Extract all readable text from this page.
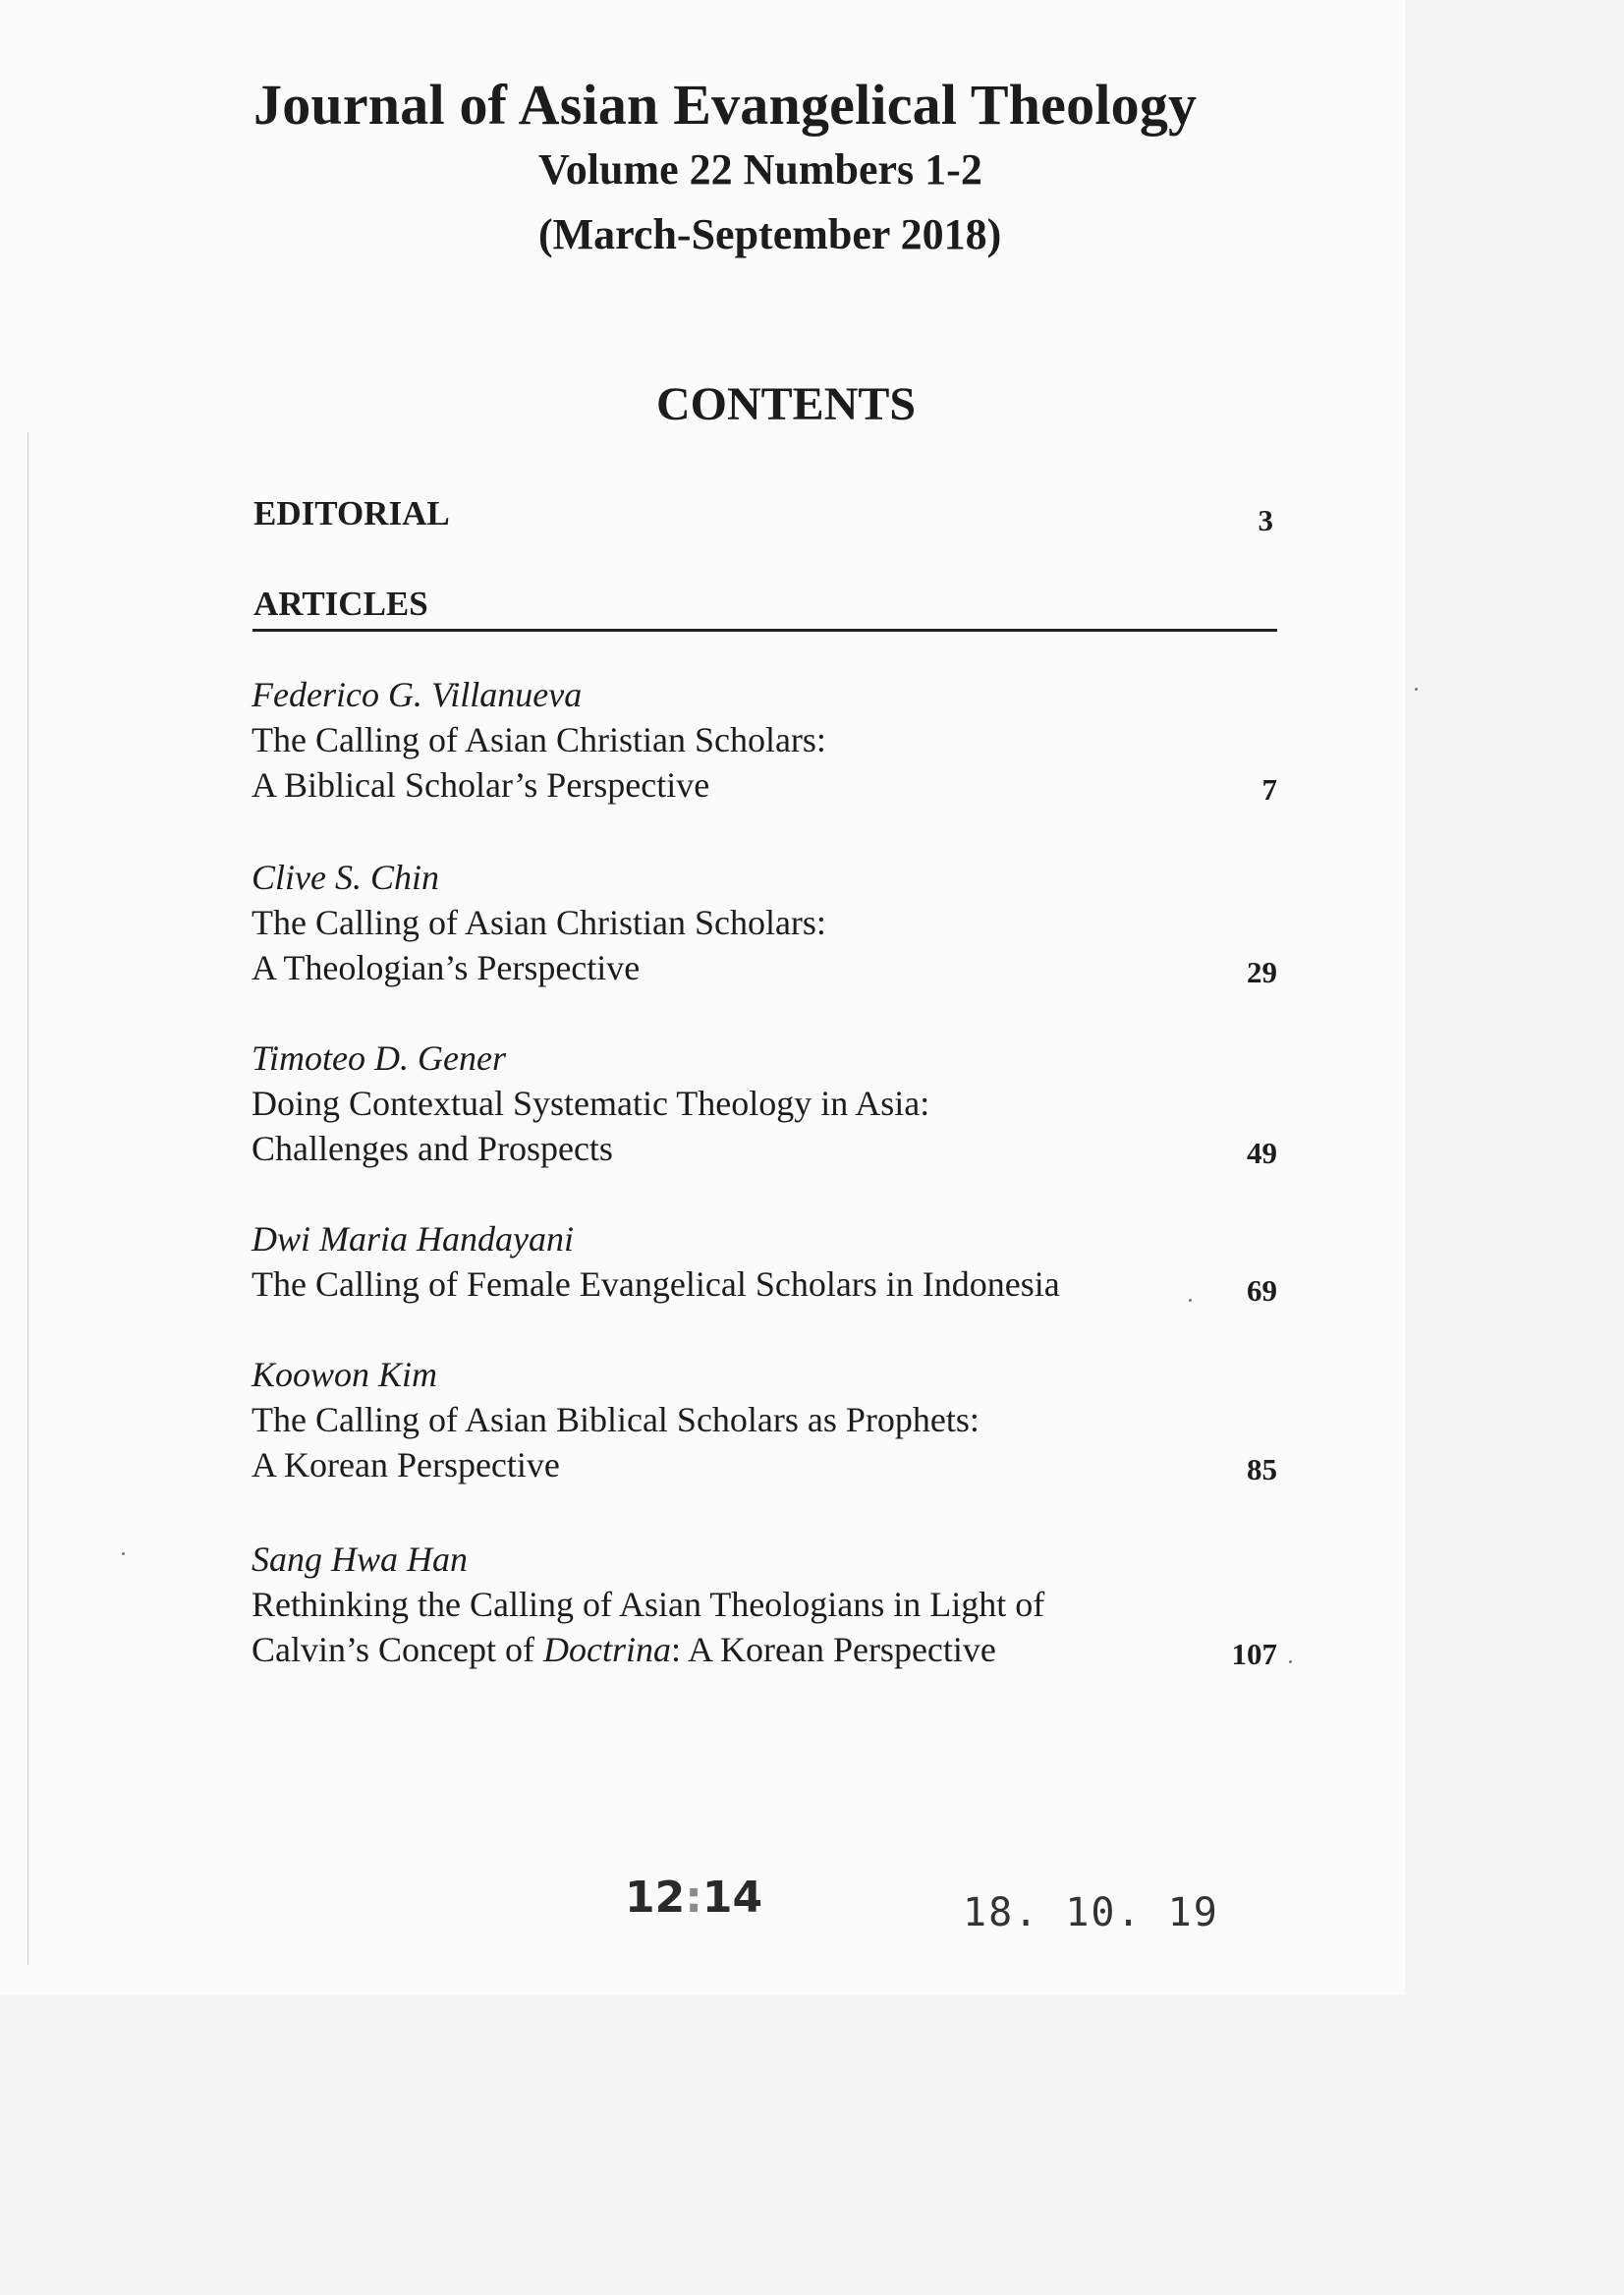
Journal of Asian Evangelical Theology
Volume 22 Numbers 1-2
(March-September 2018)
CONTENTS
EDITORIAL	3
ARTICLES
Federico G. Villanueva
The Calling of Asian Christian Scholars:
A Biblical Scholar’s Perspective	7
Clive S. Chin
The Calling of Asian Christian Scholars:
A Theologian’s Perspective	29
Timoteo D. Gener
Doing Contextual Systematic Theology in Asia:
Challenges and Prospects	49
Dwi Maria Handayani
The Calling of Female Evangelical Scholars in Indonesia	69
Koowon Kim
The Calling of Asian Biblical Scholars as Prophets:
A Korean Perspective	85
Sang Hwa Han
Rethinking the Calling of Asian Theologians in Light of
Calvin’s Concept of Doctrina: A Korean Perspective	107
12:14	18. 10. 19
